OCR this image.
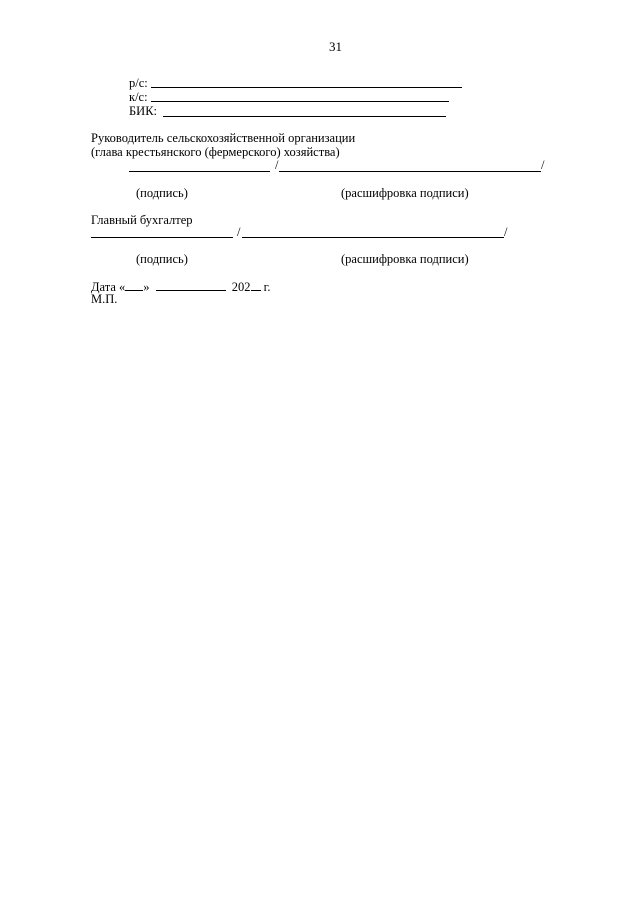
31
р/с:
к/с:
БИК:
Руководитель сельскохозяйственной организации
(глава крестьянского (фермерского) хозяйства)
/	/
(подпись)	(расшифровка подписи)
Главный бухгалтер
/	/
(подпись)	(расшифровка подписи)
Дата « »	202 г.
М.П.
